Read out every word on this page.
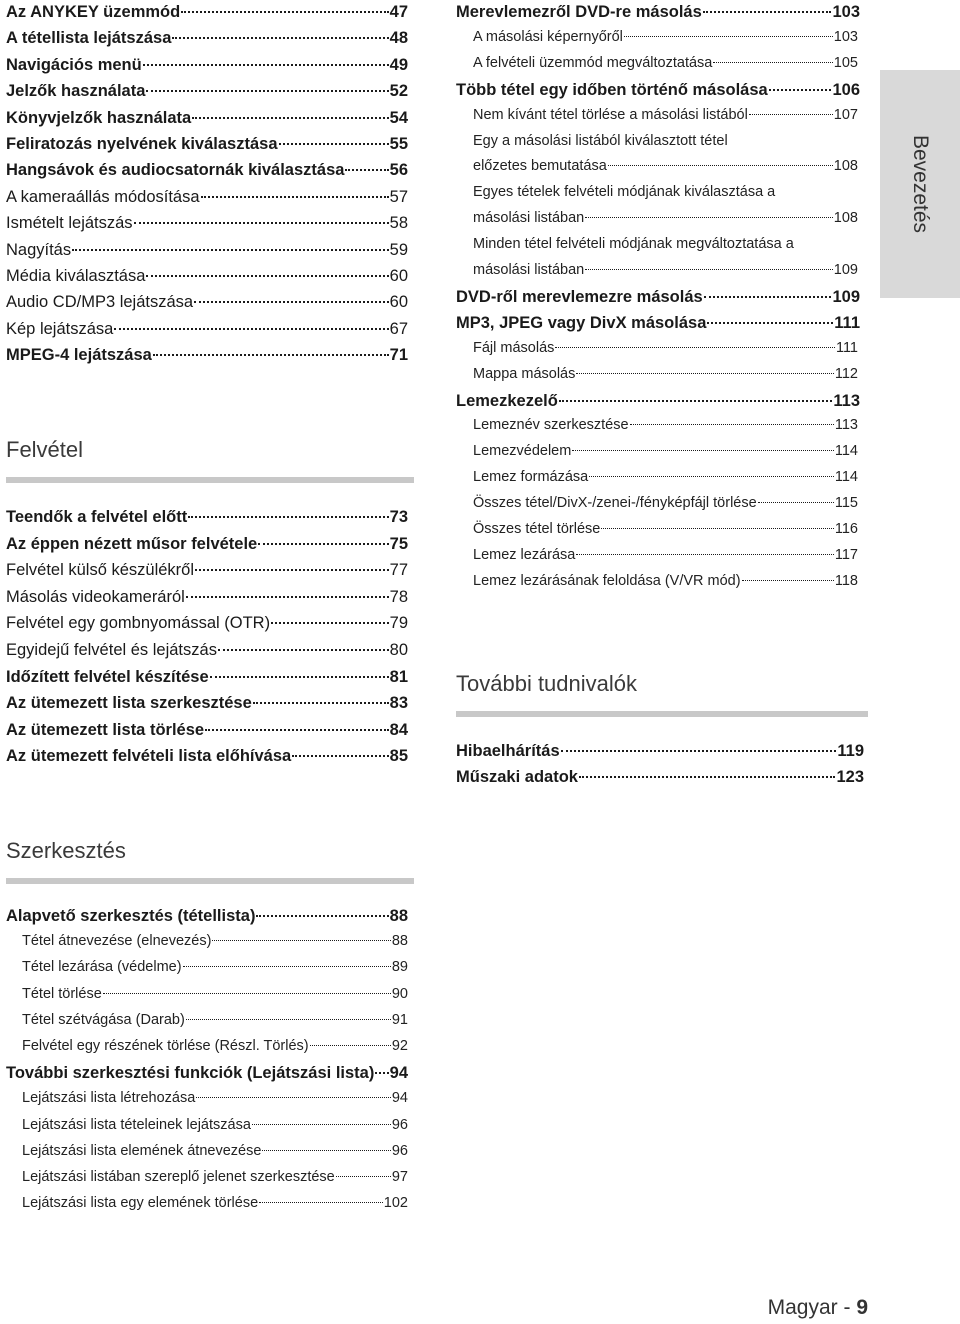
Bevezetés
Az ANYKEY üzemmód	47
A tétellista lejátszása	48
Navigációs menü	49
Jelzők használata	52
Könyvjelzők használata	54
Feliratozás nyelvének kiválasztása	55
Hangsávok és audiocsatornák kiválasztása	56
A kameraállás módosítása	57
Ismételt lejátszás	58
Nagyítás	59
Média kiválasztása	60
Audio CD/MP3 lejátszása	60
Kép lejátszása	67
MPEG-4 lejátszása	71
Felvétel
Teendők a felvétel előtt	73
Az éppen nézett műsor felvétele	75
Felvétel külső készülékről	77
Másolás videokameráról	78
Felvétel egy gombnyomással (OTR)	79
Egyidejű felvétel és lejátszás	80
Időzített felvétel készítése	81
Az ütemezett lista szerkesztése	83
Az ütemezett lista törlése	84
Az ütemezett felvételi lista előhívása	85
Szerkesztés
Alapvető szerkesztés (tétellista)	88
Tétel átnevezése (elnevezés)	88
Tétel lezárása (védelme)	89
Tétel törlése	90
Tétel szétvágása (Darab)	91
Felvétel egy részének törlése (Részl. Törlés)	92
További szerkesztési funkciók (Lejátszási lista) 94
Lejátszási lista létrehozása	94
Lejátszási lista tételeinek lejátszása	96
Lejátszási lista elemének átnevezése	96
Lejátszási listában szereplő jelenet szerkesztése	97
Lejátszási lista egy elemének törlése	102
Merevlemezről DVD-re másolás	103
A másolási képernyőről	103
A felvételi üzemmód megváltoztatása	105
Több tétel egy időben történő másolása	106
Nem kívánt tétel törlése a másolási listából	107
Egy a másolási listából kiválasztott tétel
előzetes bemutatása	108
Egyes tételek felvételi módjának kiválasztása a
másolási listában	108
Minden tétel felvételi módjának megváltoztatása a
másolási listában	109
DVD-ről merevlemezre másolás	109
MP3, JPEG vagy DivX másolása	111
Fájl másolás	111
Mappa másolás	112
Lemezkezelő	113
Lemeznév szerkesztése	113
Lemezvédelem	114
Lemez formázása	114
Összes tétel/DivX-/zenei-/fényképfájl törlése	115
Összes tétel törlése	116
Lemez lezárása	117
Lemez lezárásának feloldása (V/VR mód)	118
További tudnivalók
Hibaelhárítás	119
Műszaki adatok	123
Magyar - 9
